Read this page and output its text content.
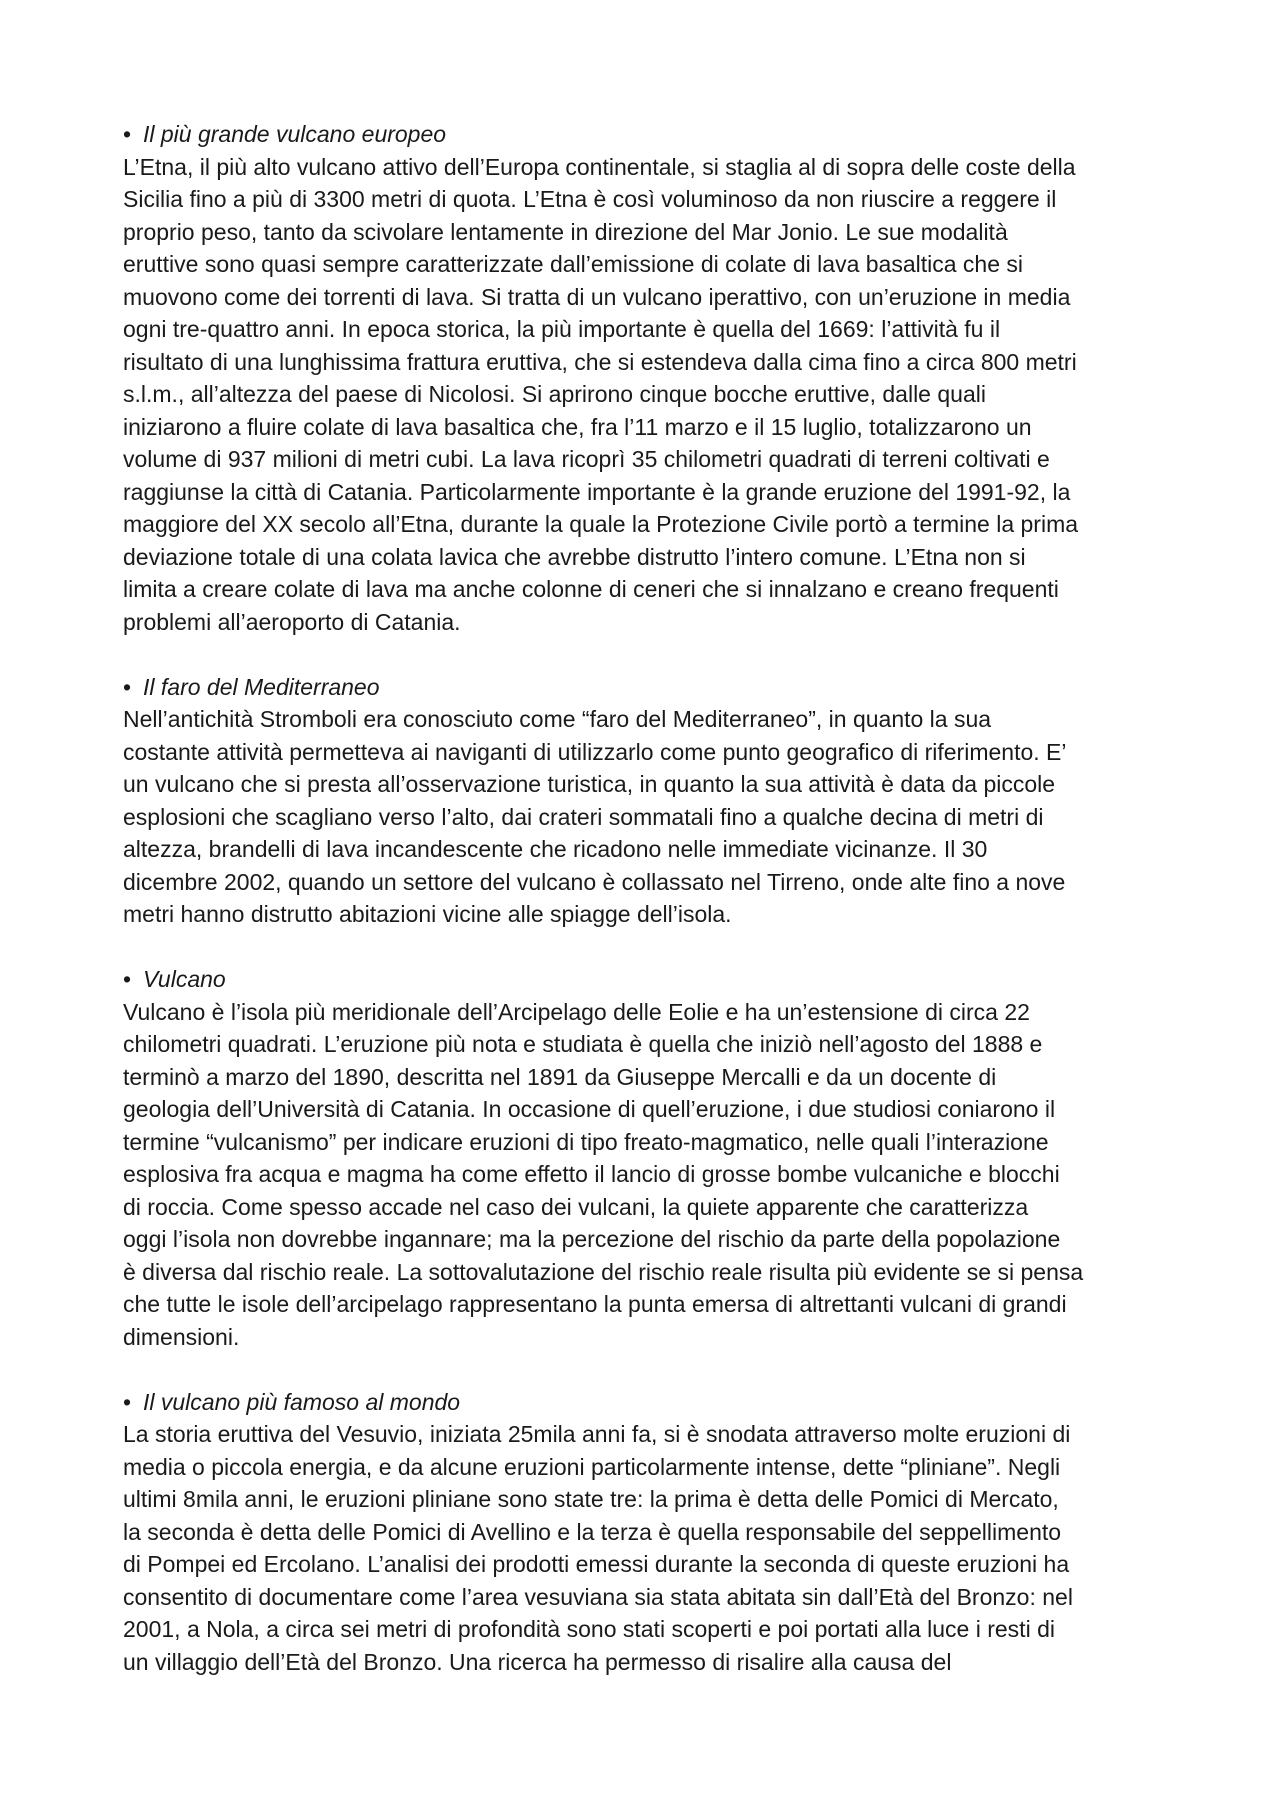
• Il più grande vulcano europeo
L’Etna, il più alto vulcano attivo dell’Europa continentale, si staglia al di sopra delle coste della
Sicilia fino a più di 3300 metri di quota. L’Etna è così voluminoso da non riuscire a reggere il
proprio peso, tanto da scivolare lentamente in direzione del Mar Jonio. Le sue modalità
eruttive sono quasi sempre caratterizzate dall’emissione di colate di lava basaltica che si
muovono come dei torrenti di lava. Si tratta di un vulcano iperattivo, con un’eruzione in media
ogni tre-quattro anni. In epoca storica, la più importante è quella del 1669: l’attività fu il
risultato di una lunghissima frattura eruttiva, che si estendeva dalla cima fino a circa 800 metri
s.l.m., all’altezza del paese di Nicolosi. Si aprirono cinque bocche eruttive, dalle quali
iniziarono a fluire colate di lava basaltica che, fra l’11 marzo e il 15 luglio, totalizzarono un
volume di 937 milioni di metri cubi. La lava ricoprì 35 chilometri quadrati di terreni coltivati e
raggiunse la città di Catania. Particolarmente importante è la grande eruzione del 1991-92, la
maggiore del XX secolo all’Etna, durante la quale la Protezione Civile portò a termine la prima
deviazione totale di una colata lavica che avrebbe distrutto l’intero comune. L’Etna non si
limita a creare colate di lava ma anche colonne di ceneri che si innalzano e creano frequenti
problemi all’aeroporto di Catania.
• Il faro del Mediterraneo
Nell’antichità Stromboli era conosciuto come “faro del Mediterraneo”, in quanto la sua
costante attività permetteva ai naviganti di utilizzarlo come punto geografico di riferimento. E’
un vulcano che si presta all’osservazione turistica, in quanto la sua attività è data da piccole
esplosioni che scagliano verso l’alto, dai crateri sommatali fino a qualche decina di metri di
altezza, brandelli di lava incandescente che ricadono nelle immediate vicinanze. Il 30
dicembre 2002, quando un settore del vulcano è collassato nel Tirreno, onde alte fino a nove
metri hanno distrutto abitazioni vicine alle spiagge dell’isola.
• Vulcano
Vulcano è l’isola più meridionale dell’Arcipelago delle Eolie e ha un’estensione di circa 22
chilometri quadrati. L’eruzione più nota e studiata è quella che iniziò nell’agosto del 1888 e
terminò a marzo del 1890, descritta nel 1891 da Giuseppe Mercalli e da un docente di
geologia dell’Università di Catania. In occasione di quell’eruzione, i due studiosi coniarono il
termine “vulcanismo” per indicare eruzioni di tipo freato-magmatico, nelle quali l’interazione
esplosiva fra acqua e magma ha come effetto il lancio di grosse bombe vulcaniche e blocchi
di roccia. Come spesso accade nel caso dei vulcani, la quiete apparente che caratterizza
oggi l’isola non dovrebbe ingannare; ma la percezione del rischio da parte della popolazione
è diversa dal rischio reale. La sottovalutazione del rischio reale risulta più evidente se si pensa
che tutte le isole dell’arcipelago rappresentano la punta emersa di altrettanti vulcani di grandi
dimensioni.
• Il vulcano più famoso al mondo
La storia eruttiva del Vesuvio, iniziata 25mila anni fa, si è snodata attraverso molte eruzioni di
media o piccola energia, e da alcune eruzioni particolarmente intense, dette “pliniane”. Negli
ultimi 8mila anni, le eruzioni pliniane sono state tre: la prima è detta delle Pomici di Mercato,
la seconda è detta delle Pomici di Avellino e la terza è quella responsabile del seppellimento
di Pompei ed Ercolano. L’analisi dei prodotti emessi durante la seconda di queste eruzioni ha
consentito di documentare come l’area vesuviana sia stata abitata sin dall’Età del Bronzo: nel
2001, a Nola, a circa sei metri di profondità sono stati scoperti e poi portati alla luce i resti di
un villaggio dell’Età del Bronzo. Una ricerca ha permesso di risalire alla causa del
